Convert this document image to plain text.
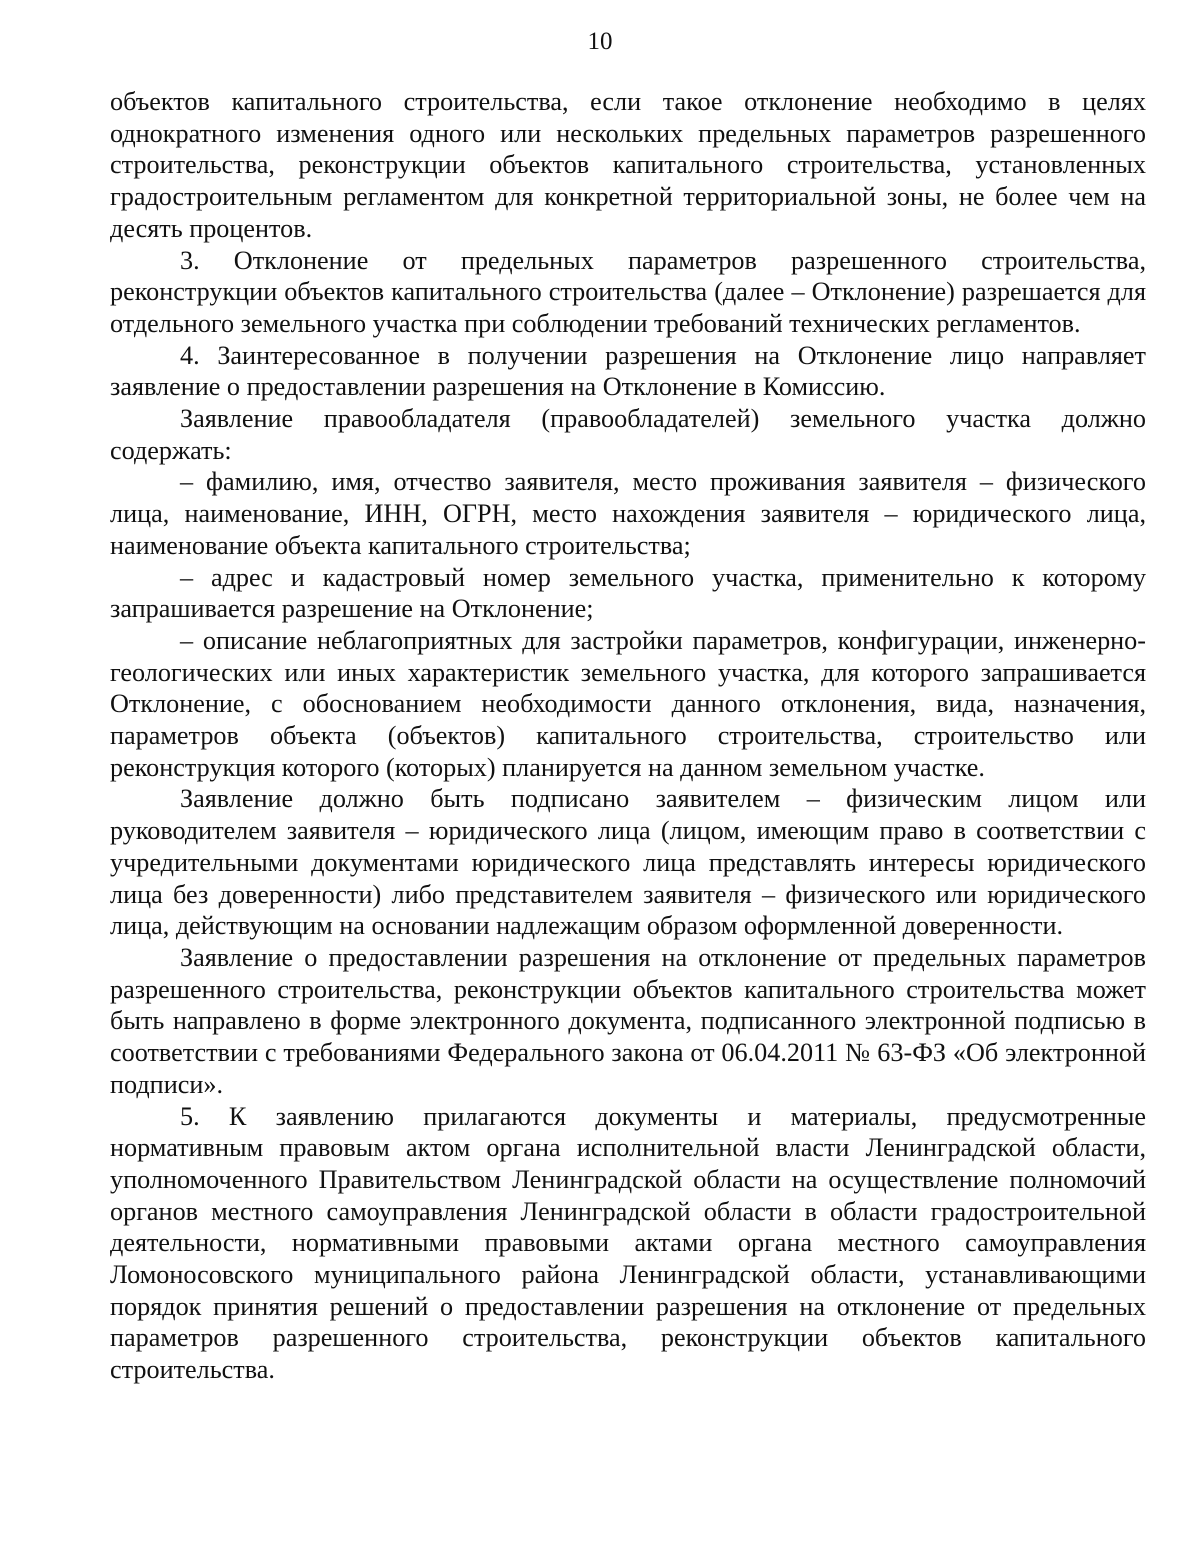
10

объектов капитального строительства, если такое отклонение необходимо в целях однократного изменения одного или нескольких предельных параметров разрешенного строительства, реконструкции объектов капитального строительства, установленных градостроительным регламентом для конкретной территориальной зоны, не более чем на десять процентов.

3. Отклонение от предельных параметров разрешенного строительства, реконструкции объектов капитального строительства (далее – Отклонение) разрешается для отдельного земельного участка при соблюдении требований технических регламентов.

4. Заинтересованное в получении разрешения на Отклонение лицо направляет заявление о предоставлении разрешения на Отклонение в Комиссию.

Заявление правообладателя (правообладателей) земельного участка должно содержать:

– фамилию, имя, отчество заявителя, место проживания заявителя – физического лица, наименование, ИНН, ОГРН, место нахождения заявителя – юридического лица, наименование объекта капитального строительства;

– адрес и кадастровый номер земельного участка, применительно к которому запрашивается разрешение на Отклонение;

– описание неблагоприятных для застройки параметров, конфигурации, инженерно-геологических или иных характеристик земельного участка, для которого запрашивается Отклонение, с обоснованием необходимости данного отклонения, вида, назначения, параметров объекта (объектов) капитального строительства, строительство или реконструкция которого (которых) планируется на данном земельном участке.

Заявление должно быть подписано заявителем – физическим лицом или руководителем заявителя – юридического лица (лицом, имеющим право в соответствии с учредительными документами юридического лица представлять интересы юридического лица без доверенности) либо представителем заявителя – физического или юридического лица, действующим на основании надлежащим образом оформленной доверенности.

Заявление о предоставлении разрешения на отклонение от предельных параметров разрешенного строительства, реконструкции объектов капитального строительства может быть направлено в форме электронного документа, подписанного электронной подписью в соответствии с требованиями Федерального закона от 06.04.2011 № 63-ФЗ «Об электронной подписи».

5. К заявлению прилагаются документы и материалы, предусмотренные нормативным правовым актом органа исполнительной власти Ленинградской области, уполномоченного Правительством Ленинградской области на осуществление полномочий органов местного самоуправления Ленинградской области в области градостроительной деятельности, нормативными правовыми актами органа местного самоуправления Ломоносовского муниципального района Ленинградской области, устанавливающими порядок принятия решений о предоставлении разрешения на отклонение от предельных параметров разрешенного строительства, реконструкции объектов капитального строительства.
